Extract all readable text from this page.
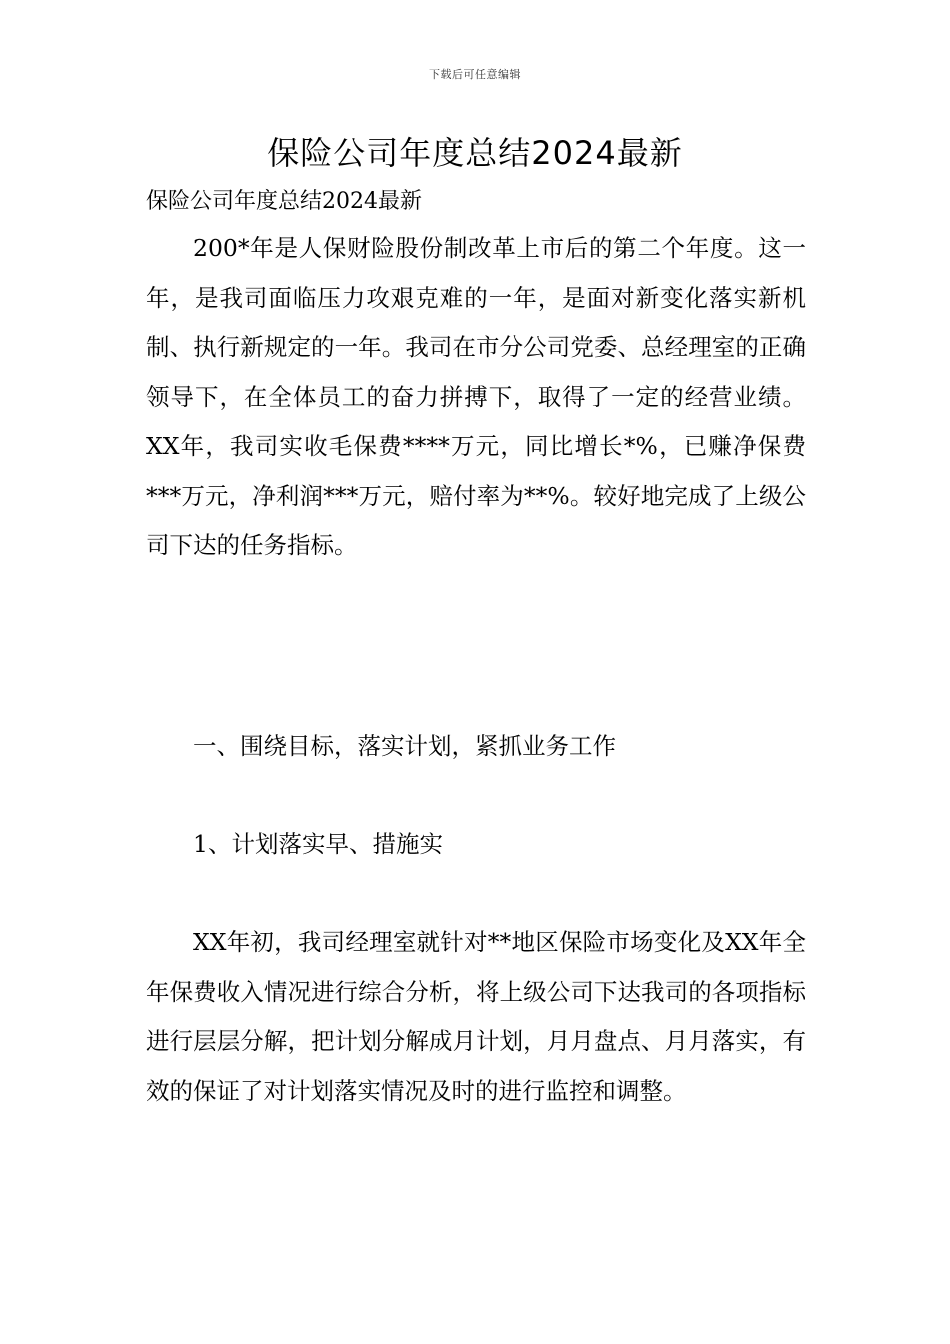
下载后可任意编辑
保险公司年度总结2024最新
保险公司年度总结2024最新

200*年是人保财险股份制改革上市后的第二个年度。这一年，是我司面临压力攻艰克难的一年，是面对新变化落实新机制、执行新规定的一年。我司在市分公司党委、总经理室的正确领导下，在全体员工的奋力拼搏下，取得了一定的经营业绩。XX年，我司实收毛保费****万元，同比增长*%，已赚净保费***万元，净利润***万元，赔付率为**%。较好地完成了上级公司下达的任务指标。

一、围绕目标，落实计划，紧抓业务工作

1、计划落实早、措施实

XX年初，我司经理室就针对**地区保险市场变化及XX年全年保费收入情况进行综合分析，将上级公司下达我司的各项指标进行层层分解，把计划分解成月计划，月月盘点、月月落实，有效的保证了对计划落实情况及时的进行监控和调整。
